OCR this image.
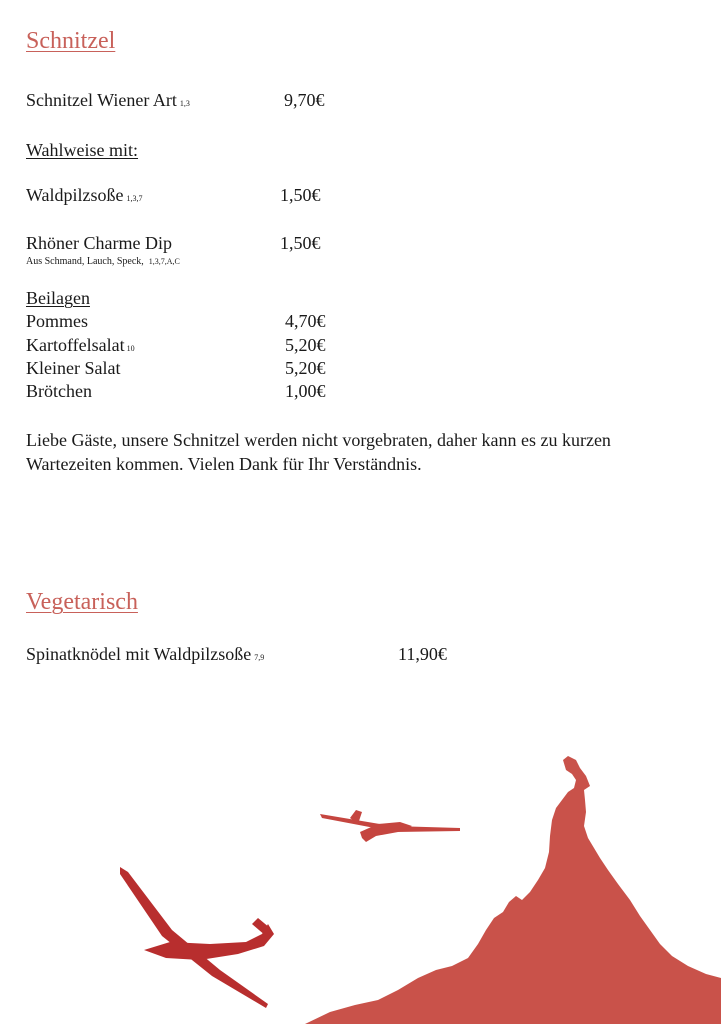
Schnitzel
Schnitzel Wiener Art 1,3	9,70€
Wahlweise mit:
Waldpilzsoße 1,3,7	1,50€
Rhöner Charme Dip	1,50€
Aus Schmand, Lauch, Speck, 1,3,7,A,C
Beilagen
Pommes	4,70€
Kartoffelsalat 10	5,20€
Kleiner Salat	5,20€
Brötchen	1,00€
Liebe Gäste, unsere Schnitzel werden nicht vorgebraten, daher kann es zu kurzen Wartezeiten kommen. Vielen Dank für Ihr Verständnis.
Vegetarisch
Spinatknödel mit Waldpilzsoße 7,9	11,90€
